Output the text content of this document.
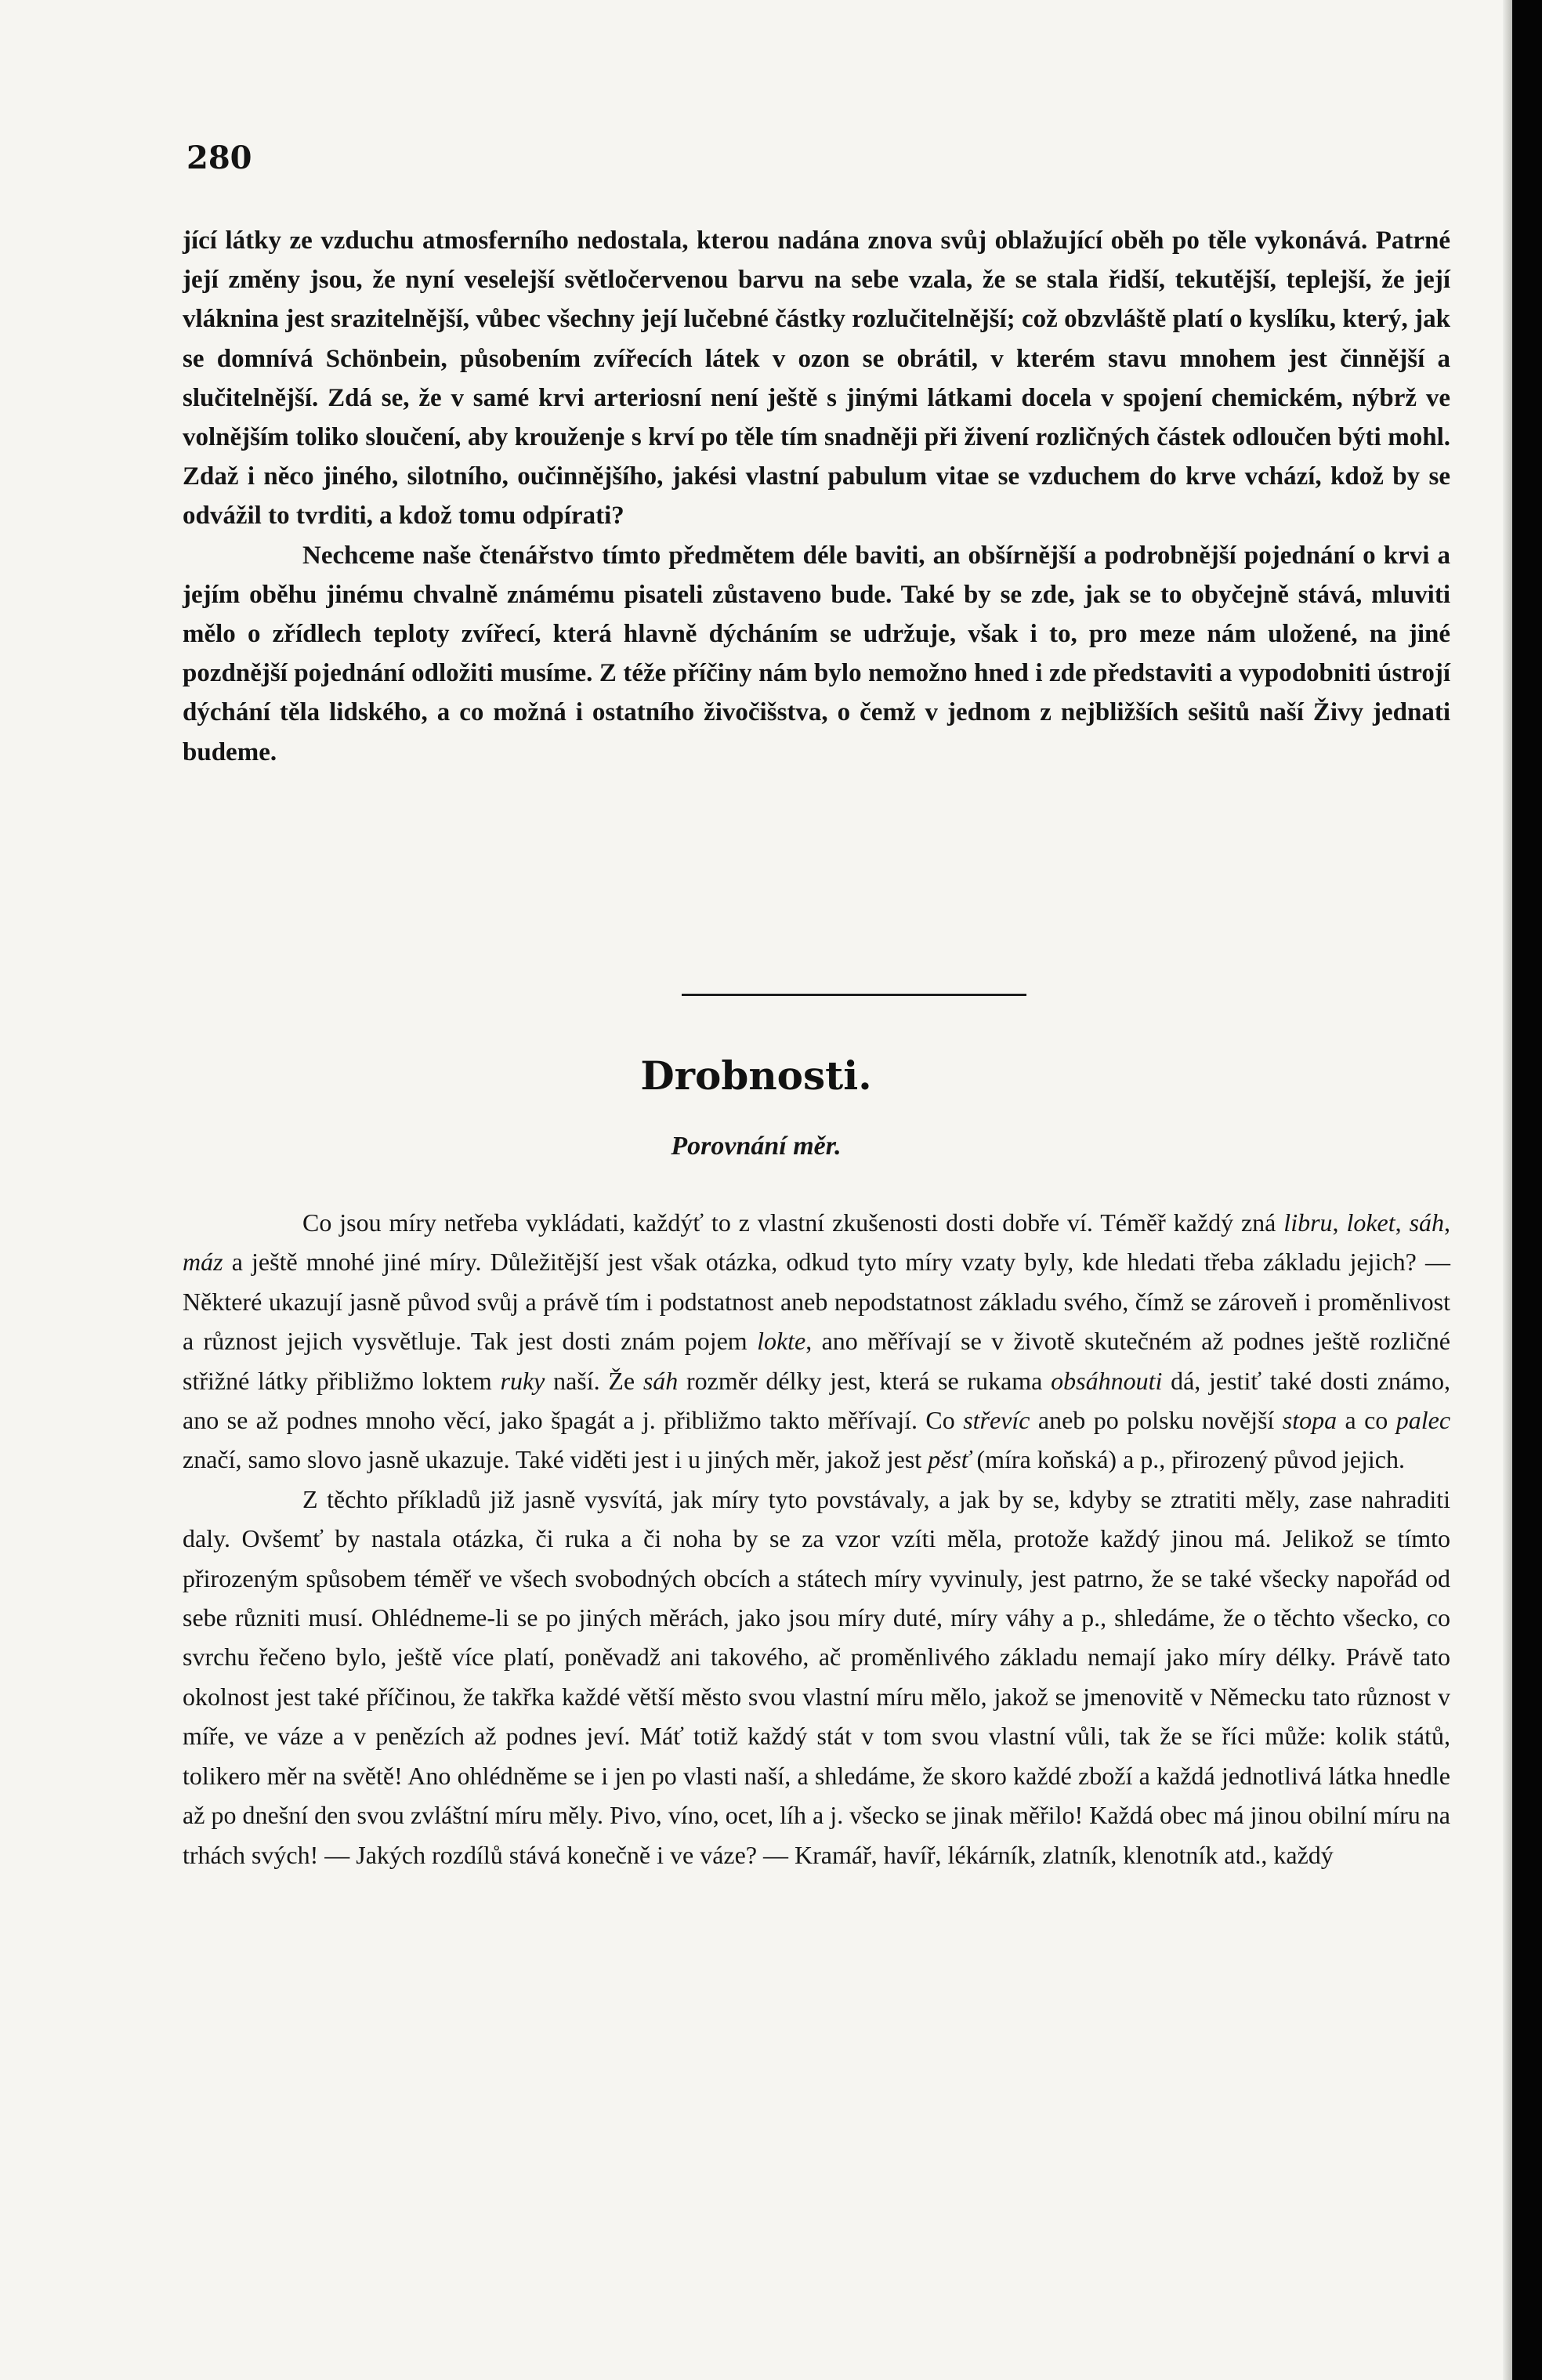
280

jící látky ze vzduchu atmosferního nedostala, kterou nadána znova svůj oblažující oběh po těle vykonává. Patrné její změny jsou, že nyní veselejší světločervenou barvu na sebe vzala, že se stala řidší, tekutější, teplejší, že její vláknina jest srazitelnější, vůbec všechny její lučebné částky rozlučitelnější; což obzvláště platí o kyslíku, který, jak se domnívá Schönbein, působením zvířecích látek v ozon se obrátil, v kterém stavu mnohem jest činnější a slučitelnější. Zdá se, že v samé krvi arteriosní není ještě s jinými látkami docela v spojení chemickém, nýbrž ve volnějším toliko sloučení, aby krouženje s krví po těle tím snadněji při živení rozličných částek odloučen býti mohl. Zdaž i něco jiného, silotního, oučinnějšího, jakési vlastní pabulum vitae se vzduchem do krve vchází, kdož by se odvážil to tvrditi, a kdož tomu odpírati?

Nechceme naše čtenářstvo tímto předmětem déle baviti, an obšírnější a podrobnější pojednání o krvi a jejím oběhu jinému chvalně známému pisateli zůstaveno bude. Také by se zde, jak se to obyčejně stává, mluviti mělo o zřídlech teploty zvířecí, která hlavně dýcháním se udržuje, však i to, pro meze nám uložené, na jiné pozdnější pojednání odložiti musíme. Z téže příčiny nám bylo nemožno hned i zde představiti a vypodobniti ústrojí dýchání těla lidského, a co možná i ostatního živočišstva, o čemž v jednom z nejbližších sešitů naší Živy jednati budeme.

Drobnosti.
Porovnání měr.

Co jsou míry netřeba vykládati, každýť to z vlastní zkušenosti dosti dobře ví. Téměř každý zná libru, loket, sáh, máz a ještě mnohé jiné míry. Důležitější jest však otázka, odkud tyto míry vzaty byly, kde hledati třeba základu jejich? — Některé ukazují jasně původ svůj a právě tím i podstatnost aneb nepodstatnost základu svého, čímž se zároveň i proměnlivost a různost jejich vysvětluje. Tak jest dosti znám pojem lokte, ano měřívají se v životě skutečném až podnes ještě rozličné střižné látky přibližmo loktem ruky naší. Že sáh rozměr délky jest, která se rukama obsáhnouti dá, jestiť také dosti známo, ano se až podnes mnoho věcí, jako špagát a j. přibližmo takto měřívají. Co střevíc aneb po polsku novější stopa a co palec značí, samo slovo jasně ukazuje. Také viděti jest i u jiných měr, jakož jest pěsť (míra koňská) a p., přirozený původ jejich.

Z těchto příkladů již jasně vysvítá, jak míry tyto povstávaly, a jak by se, kdyby se ztratiti měly, zase nahraditi daly. Ovšemť by nastala otázka, či ruka a či noha by se za vzor vzíti měla, protože každý jinou má. Jelikož se tímto přirozeným spůsobem téměř ve všech svobodných obcích a státech míry vyvinuly, jest patrno, že se také všecky napořád od sebe různiti musí. Ohlédneme-li se po jiných měrách, jako jsou míry duté, míry váhy a p., shledáme, že o těchto všecko, co svrchu řečeno bylo, ještě více platí, poněvadž ani takového, ač proměnlivého základu nemají jako míry délky. Právě tato okolnost jest také příčinou, že takřka každé větší město svou vlastní míru mělo, jakož se jmenovitě v Německu tato různost v míře, ve váze a v penězích až podnes jeví. Máť totiž každý stát v tom svou vlastní vůli, tak že se říci může: kolik států, tolikero měr na světě! Ano ohlédněme se i jen po vlasti naší, a shledáme, že skoro každé zboží a každá jednotlivá látka hnedle až po dnešní den svou zvláštní míru měly. Pivo, víno, ocet, líh a j. všecko se jinak měřilo! Každá obec má jinou obilní míru na trhách svých! — Jakých rozdílů stává konečně i ve váze? — Kramář, havíř, lékárník, zlatník, klenotník atd., každý
